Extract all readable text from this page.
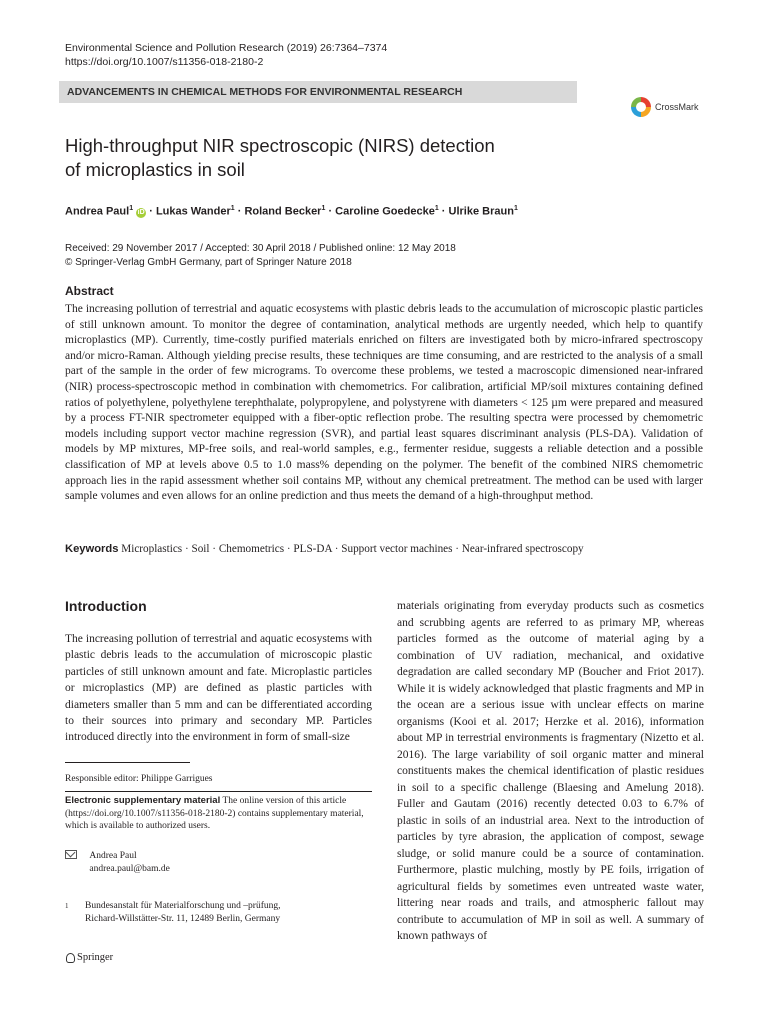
Environmental Science and Pollution Research (2019) 26:7364–7374
https://doi.org/10.1007/s11356-018-2180-2
ADVANCEMENTS IN CHEMICAL METHODS FOR ENVIRONMENTAL RESEARCH
CrossMark
High-throughput NIR spectroscopic (NIRS) detection
of microplastics in soil
Andrea Paul$^1$ iD · Lukas Wander$^1$ · Roland Becker$^1$ · Caroline Goedecke$^1$ · Ulrike Braun$^1$
Received: 29 November 2017 / Accepted: 30 April 2018 / Published online: 12 May 2018
© Springer-Verlag GmbH Germany, part of Springer Nature 2018
Abstract

The increasing pollution of terrestrial and aquatic ecosystems with plastic debris leads to the accumulation of microscopic plastic particles of still unknown amount. To monitor the degree of contamination, analytical methods are urgently needed, which help to quantify microplastics (MP). Currently, time-costly purified materials enriched on filters are investigated both by micro-infrared spectroscopy and/or micro-Raman. Although yielding precise results, these techniques are time consuming, and are restricted to the analysis of a small part of the sample in the order of few micrograms. To overcome these problems, we tested a macroscopic dimensioned near-infrared (NIR) process-spectroscopic method in combination with chemometrics. For calibration, artificial MP/soil mixtures containing defined ratios of polyethylene, polyethylene terephthalate, polypropylene, and polystyrene with diameters < 125 µm were prepared and measured by a process FT-NIR spectrometer equipped with a fiber-optic reflection probe. The resulting spectra were processed by chemometric models including support vector machine regression (SVR), and partial least squares discriminant analysis (PLS-DA). Validation of models by MP mixtures, MP-free soils, and real-world samples, e.g., fermenter residue, suggests a reliable detection and a possible classification of MP at levels above 0.5 to 1.0 mass% depending on the polymer. The benefit of the combined NIRS chemometric approach lies in the rapid assessment whether soil contains MP, without any chemical pretreatment. The method can be used with larger sample volumes and even allows for an online prediction and thus meets the demand of a high-throughput method.

Keywords Microplastics · Soil · Chemometrics · PLS-DA · Support vector machines · Near-infrared spectroscopy
Introduction

The increasing pollution of terrestrial and aquatic ecosystems with plastic debris leads to the accumulation of microscopic plastic particles of still unknown amount and fate. Microplastic particles or microplastics (MP) are defined as plastic particles with diameters smaller than 5 mm and can be differentiated according to their sources into primary and secondary MP. Particles introduced directly into the environment in form of small-size

materials originating from everyday products such as cosmetics and scrubbing agents are referred to as primary MP, whereas particles formed as the outcome of material aging by a combination of UV radiation, mechanical, and oxidative degradation are called secondary MP (Boucher and Friot 2017). While it is widely acknowledged that plastic fragments and MP in the ocean are a serious issue with unclear effects on marine organisms (Kooi et al. 2017; Herzke et al. 2016), information about MP in terrestrial environments is fragmentary (Nizetto et al. 2016). The large variability of soil organic matter and mineral constituents makes the chemical identification of plastic residues in soil to a specific challenge (Blaesing and Amelung 2018). Fuller and Gautam (2016) recently detected 0.03 to 6.7% of plastic in soils of an industrial area. Next to the introduction of particles by tyre abrasion, the application of compost, sewage sludge, or solid manure could be a source of contamination. Furthermore, plastic mulching, mostly by PE foils, irrigation of agricultural fields by sometimes even untreated waste water, littering near roads and trails, and atmospheric fallout may contribute to accumulation of MP in soil as well. A summary of known pathways of

Responsible editor: Philippe Garrigues
Electronic supplementary material The online version of this article (https://doi.org/10.1007/s11356-018-2180-2) contains supplementary material, which is available to authorized users.

Andrea Paul
andrea.paul@bam.de
1	Bundesanstalt für Materialforschung und –prüfung,
Richard-Willstätter-Str. 11, 12489 Berlin, Germany
Springer
